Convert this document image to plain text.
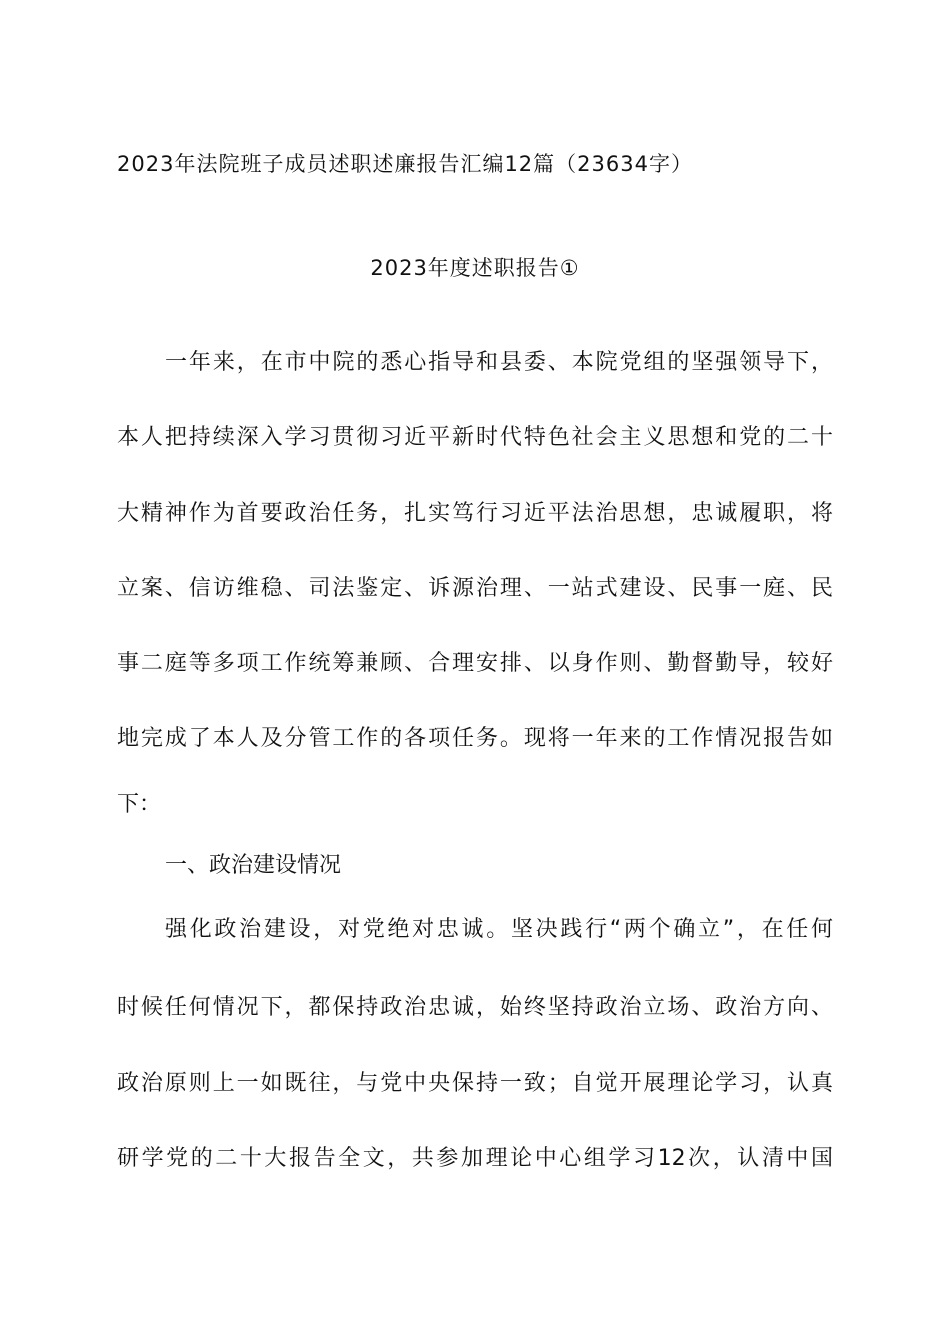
2023年法院班子成员述职述廉报告汇编12篇（23634字）
2023年度述职报告①
一年来，在市中院的悉心指导和县委、本院党组的坚强领导下，
本人把持续深入学习贯彻习近平新时代特色社会主义思想和党的二十
大精神作为首要政治任务，扎实笃行习近平法治思想，忠诚履职，将
立案、信访维稳、司法鉴定、诉源治理、一站式建设、民事一庭、民
事二庭等多项工作统筹兼顾、合理安排、以身作则、勤督勤导，较好
地完成了本人及分管工作的各项任务。现将一年来的工作情况报告如
下：
一、政治建设情况
强化政治建设，对党绝对忠诚。坚决践行“两个确立”，在任何
时候任何情况下，都保持政治忠诚，始终坚持政治立场、政治方向、
政治原则上一如既往，与党中央保持一致；自觉开展理论学习，认真
研学党的二十大报告全文，共参加理论中心组学习12次，认清中国
